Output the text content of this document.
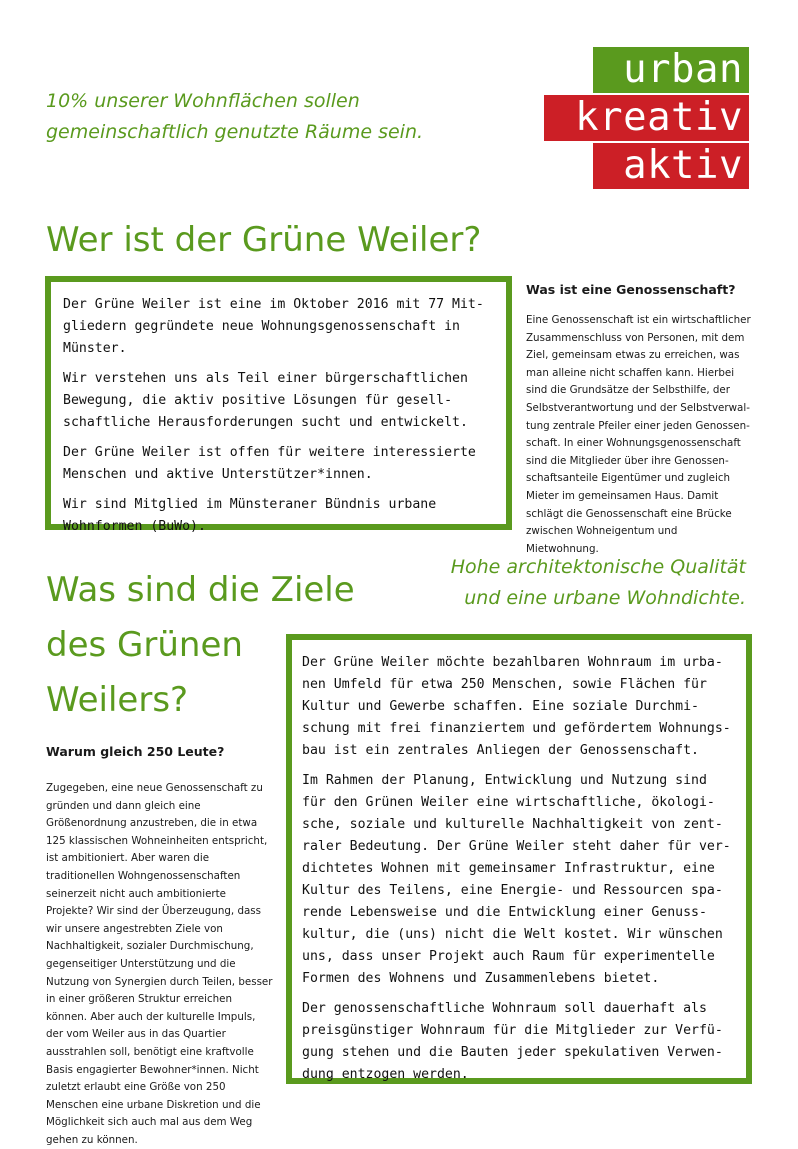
10% unserer Wohnflächen sollen
gemeinschaftlich genutzte Räume sein.
urban
kreativ
aktiv
Wer ist der Grüne Weiler?

Der Grüne Weiler ist eine im Oktober 2016 mit 77 Mitgliedern gegründete neue Wohnungsgenossenschaft in Münster.

Wir verstehen uns als Teil einer bürgerschaftlichen Bewegung, die aktiv positive Lösungen für gesellschaftliche Herausforderungen sucht und entwickelt.

Der Grüne Weiler ist offen für weitere interessierte Menschen und aktive Unterstützer*innen.

Wir sind Mitglied im Münsteraner Bündnis urbane Wohnformen (BuWo).

Was ist eine Genossenschaft?

Eine Genossenschaft ist ein wirtschaftlicher Zusammenschluss von Personen, mit dem Ziel, gemeinsam etwas zu erreichen, was man alleine nicht schaffen kann. Hierbei sind die Grundsätze der Selbsthilfe, der Selbstverantwortung und der Selbstverwaltung zentrale Pfeiler einer jeden Genossenschaft. In einer Wohnungsgenossenschaft sind die Mitglieder über ihre Genossenschaftsanteile Eigentümer und zugleich Mieter im gemeinsamen Haus. Damit schlägt die Genossenschaft eine Brücke zwischen Wohneigentum und Mietwohnung.

Was sind die Ziele des Grünen Weilers?
Hohe architektonische Qualität
und eine urbane Wohndichte.
Warum gleich 250 Leute?

Zugegeben, eine neue Genossenschaft zu gründen und dann gleich eine Größenordnung anzustreben, die in etwa 125 klassischen Wohneinheiten entspricht, ist ambitioniert. Aber waren die traditionellen Wohngenossenschaften seinerzeit nicht auch ambitionierte Projekte? Wir sind der Überzeugung, dass wir unsere angestrebten Ziele von Nachhaltigkeit, sozialer Durchmischung, gegenseitiger Unterstützung und die Nutzung von Synergien durch Teilen, besser in einer größeren Struktur erreichen können. Aber auch der kulturelle Impuls, der vom Weiler aus in das Quartier ausstrahlen soll, benötigt eine kraftvolle Basis engagierter Bewohner*innen. Nicht zuletzt erlaubt eine Größe von 250 Menschen eine urbane Diskretion und die Möglichkeit sich auch mal aus dem Weg gehen zu können.

Der Grüne Weiler möchte bezahlbaren Wohnraum im urbanen Umfeld für etwa 250 Menschen, sowie Flächen für Kultur und Gewerbe schaffen. Eine soziale Durchmischung mit frei finanziertem und gefördertem Wohnungsbau ist ein zentrales Anliegen der Genossenschaft.

Im Rahmen der Planung, Entwicklung und Nutzung sind für den Grünen Weiler eine wirtschaftliche, ökologische, soziale und kulturelle Nachhaltigkeit von zentraler Bedeutung. Der Grüne Weiler steht daher für verdichtetes Wohnen mit gemeinsamer Infrastruktur, eine Kultur des Teilens, eine Energie- und Ressourcen sparende Lebensweise und die Entwicklung einer Genusskultur, die (uns) nicht die Welt kostet. Wir wünschen uns, dass unser Projekt auch Raum für experimentelle Formen des Wohnens und Zusammenlebens bietet.

Der genossenschaftliche Wohnraum soll dauerhaft als preisgünstiger Wohnraum für die Mitglieder zur Verfügung stehen und die Bauten jeder spekulativen Verwendung entzogen werden.
